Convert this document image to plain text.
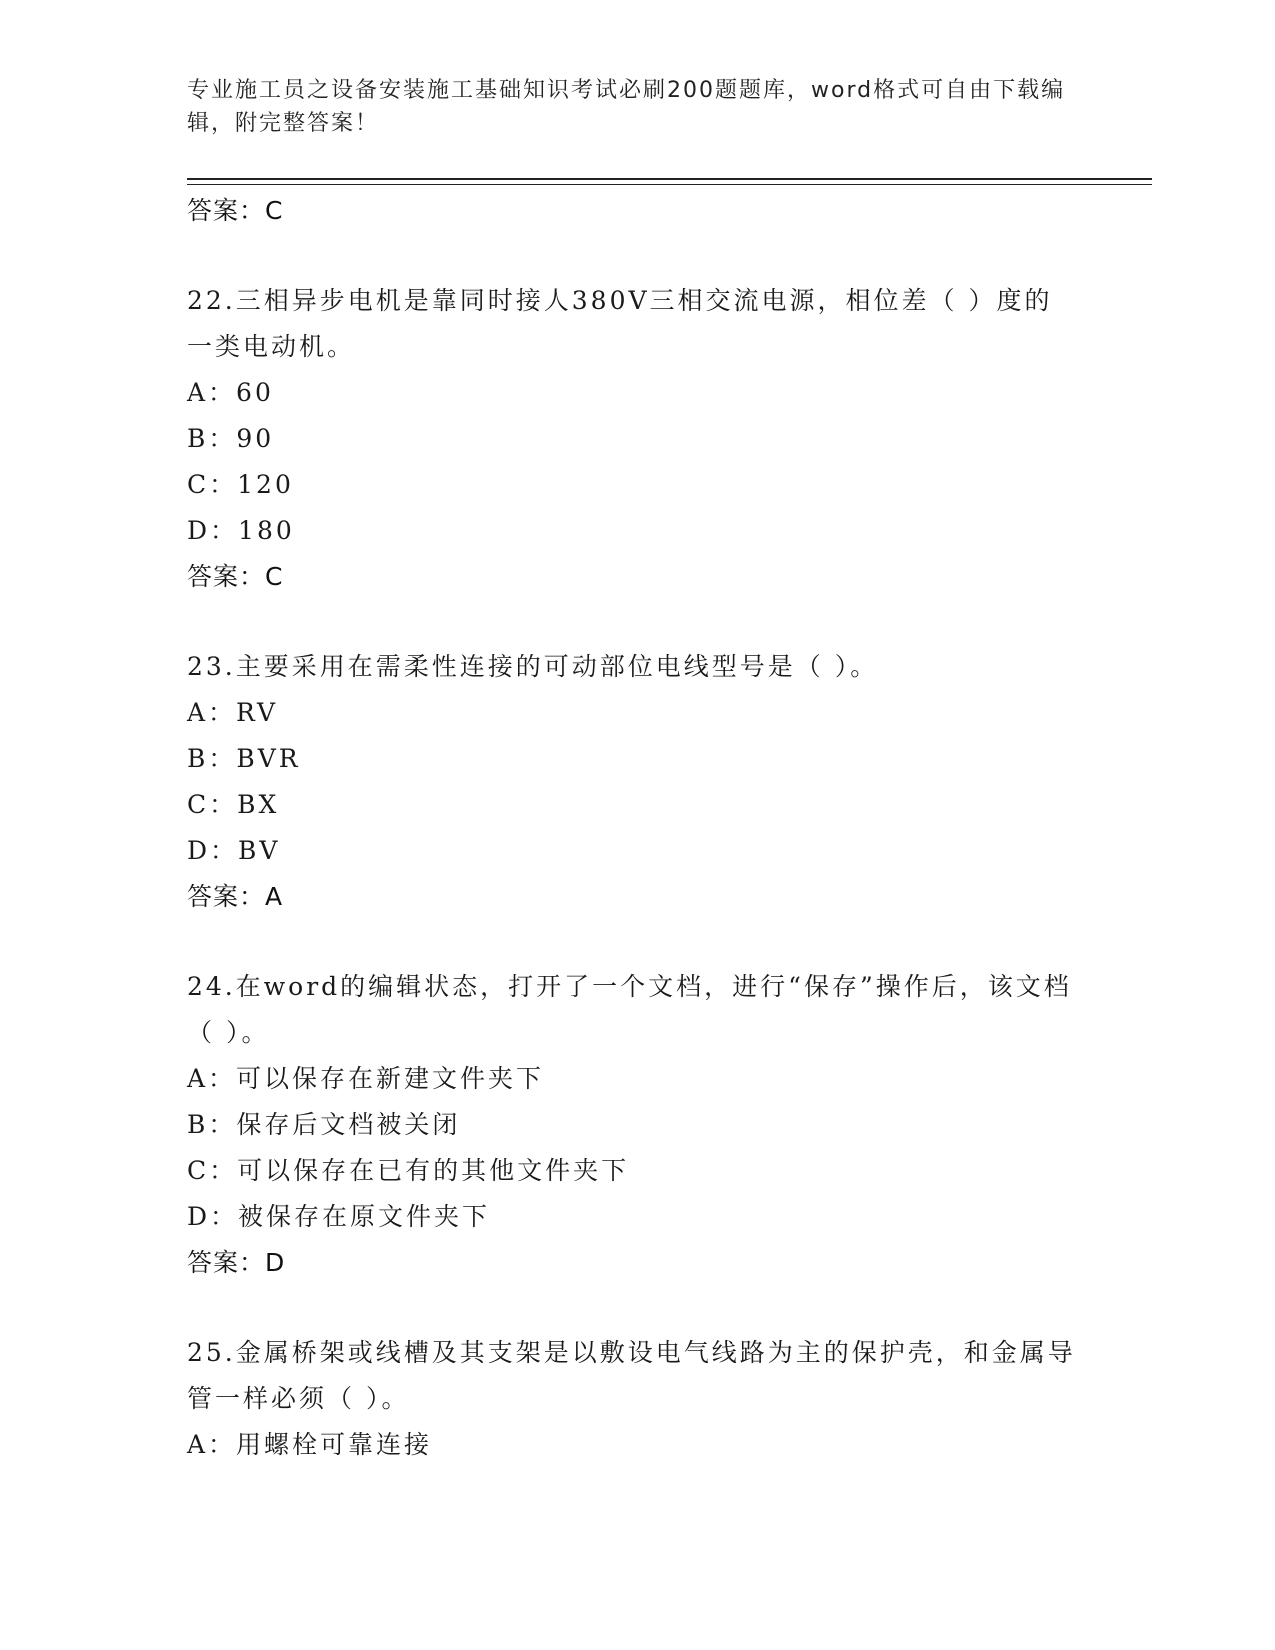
专业施工员之设备安装施工基础知识考试必刷200题题库，word格式可自由下载编辑，附完整答案！
答案：C
22.三相异步电机是靠同时接人380V三相交流电源，相位差（ ）度的一类电动机。
A：60
B：90
C：120
D：180
答案：C
23.主要采用在需柔性连接的可动部位电线型号是（ ）。
A：RV
B：BVR
C：BX
D：BV
答案：A
24.在word的编辑状态，打开了一个文档，进行“保存”操作后，该文档（ ）。
A：可以保存在新建文件夹下
B：保存后文档被关闭
C：可以保存在已有的其他文件夹下
D：被保存在原文件夹下
答案：D
25.金属桥架或线槽及其支架是以敷设电气线路为主的保护壳，和金属导管一样必须（ ）。
A：用螺栓可靠连接
